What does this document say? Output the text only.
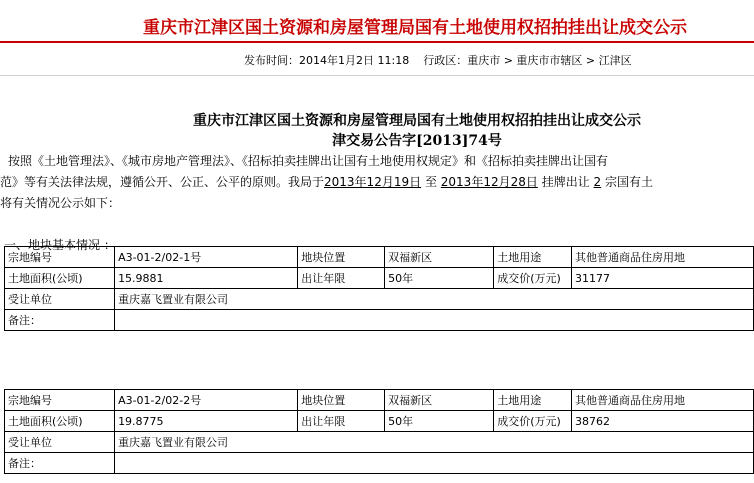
重庆市江津区国土资源和房屋管理局国有土地使用权招拍挂出让成交公示
发布时间：2014年1月2日 11:18 行政区：重庆市 > 重庆市市辖区 > 江津区
重庆市江津区国土资源和房屋管理局国有土地使用权招拍挂出让成交公示
津交易公告字[2013]74号
按照《土地管理法》、《城市房地产管理法》、《招标拍卖挂牌出让国有土地使用权规定》和《招标拍卖挂牌出让国有
范》等有关法律法规，遵循公开、公正、公平的原则。我局于2013年12月19日 至 2013年12月28日 挂牌出让 2 宗国有土
将有关情况公示如下：
一、地块基本情况 ：
宗地编号	A3-01-2/02-1号	地块位置	双福新区	土地用途	其他普通商品住房用地
土地面积(公顷)	15.9881	出让年限	50年	成交价(万元)	31177
受让单位	重庆嘉飞置业有限公司				
备注：					
宗地编号	A3-01-2/02-2号	地块位置	双福新区	土地用途	其他普通商品住房用地
土地面积(公顷)	19.8775	出让年限	50年	成交价(万元)	38762
受让单位	重庆嘉飞置业有限公司				
备注：					
